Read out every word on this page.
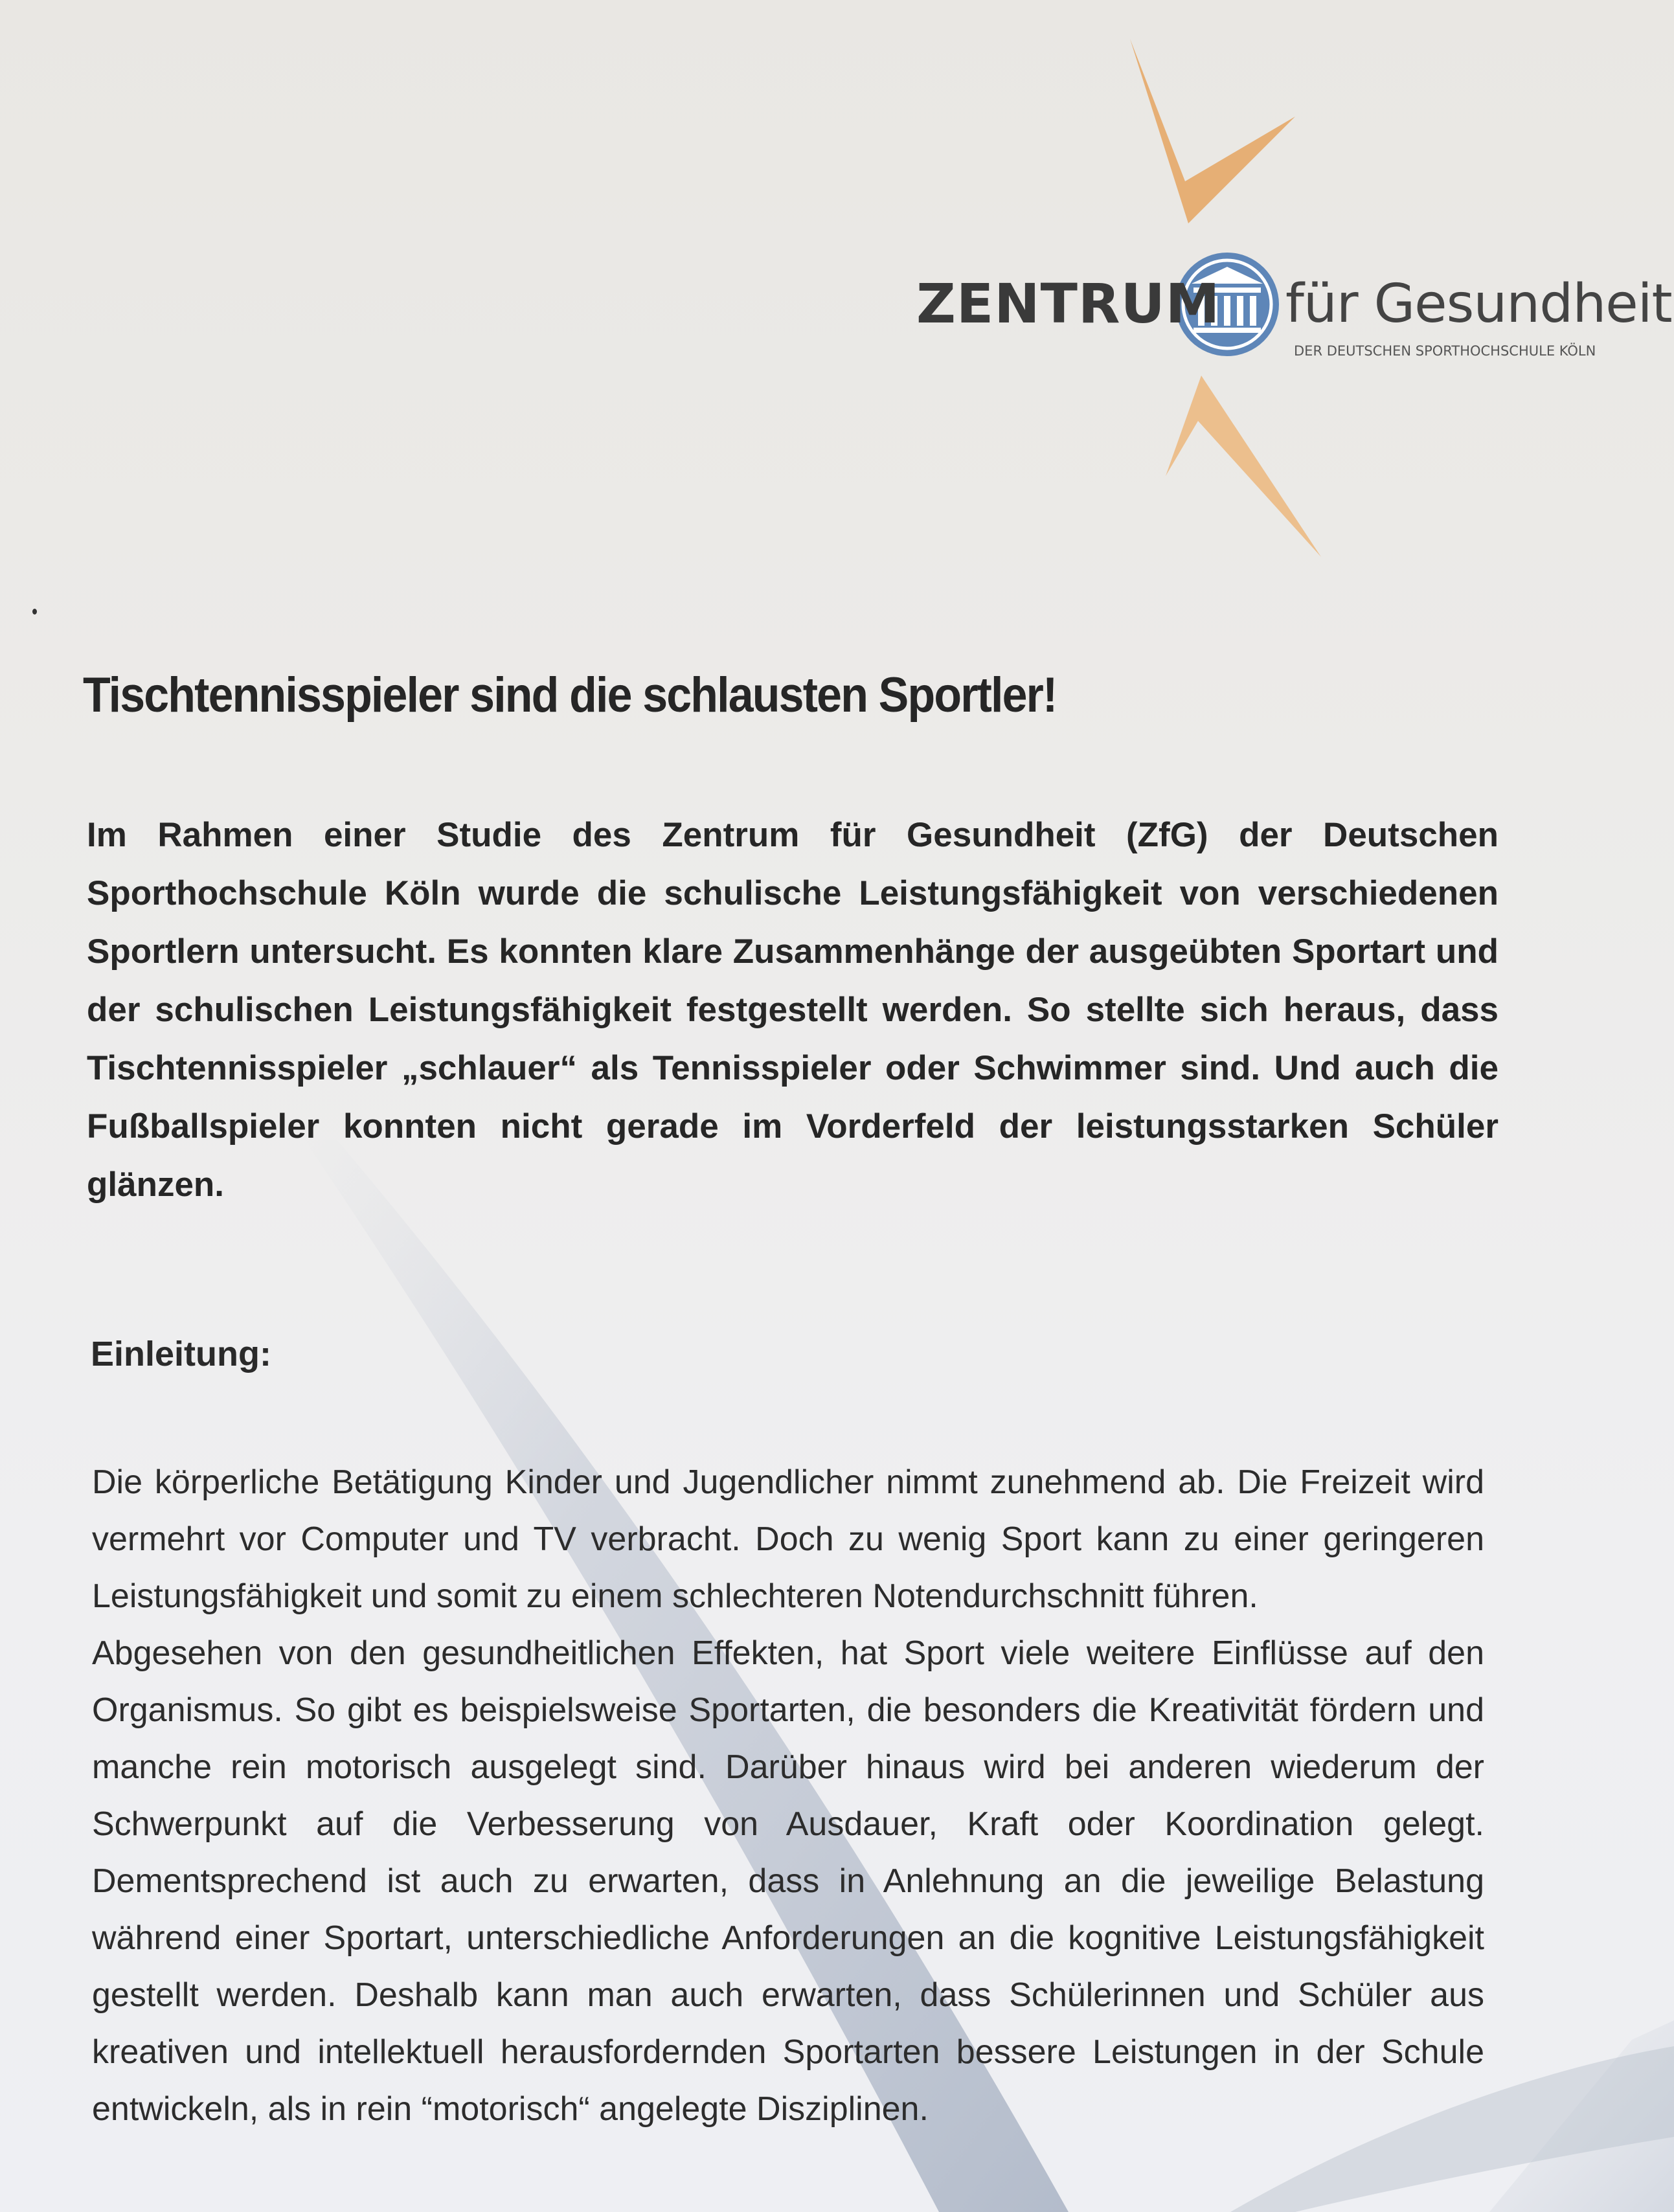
ZENTRUM für Gesundheit
DER DEUTSCHEN SPORTHOCHSCHULE KÖLN
Tischtennisspieler sind die schlausten Sportler!

Im Rahmen einer Studie des Zentrum für Gesundheit (ZfG) der Deutschen Sporthochschule Köln wurde die schulische Leistungsfähigkeit von verschiedenen Sportlern untersucht. Es konnten klare Zusammenhänge der ausgeübten Sportart und der schulischen Leistungsfähigkeit festgestellt werden. So stellte sich heraus, dass Tischtennisspieler „schlauer“ als Tennisspieler oder Schwimmer sind. Und auch die Fußballspieler konnten nicht gerade im Vorderfeld der leistungsstarken Schüler glänzen.

Einleitung:

Die körperliche Betätigung Kinder und Jugendlicher nimmt zunehmend ab. Die Freizeit wird vermehrt vor Computer und TV verbracht. Doch zu wenig Sport kann zu einer geringeren Leistungsfähigkeit und somit zu einem schlechteren Notendurchschnitt führen.

Abgesehen von den gesundheitlichen Effekten, hat Sport viele weitere Einflüsse auf den Organismus. So gibt es beispielsweise Sportarten, die besonders die Kreativität fördern und manche rein motorisch ausgelegt sind. Darüber hinaus wird bei anderen wiederum der Schwerpunkt auf die Verbesserung von Ausdauer, Kraft oder Koordination gelegt. Dementsprechend ist auch zu erwarten, dass in Anlehnung an die jeweilige Belastung während einer Sportart, unterschiedliche Anforderungen an die kognitive Leistungsfähigkeit gestellt werden. Deshalb kann man auch erwarten, dass Schülerinnen und Schüler aus kreativen und intellektuell herausfordernden Sportarten bessere Leistungen in der Schule entwickeln, als in rein “motorisch“ angelegte Disziplinen.
